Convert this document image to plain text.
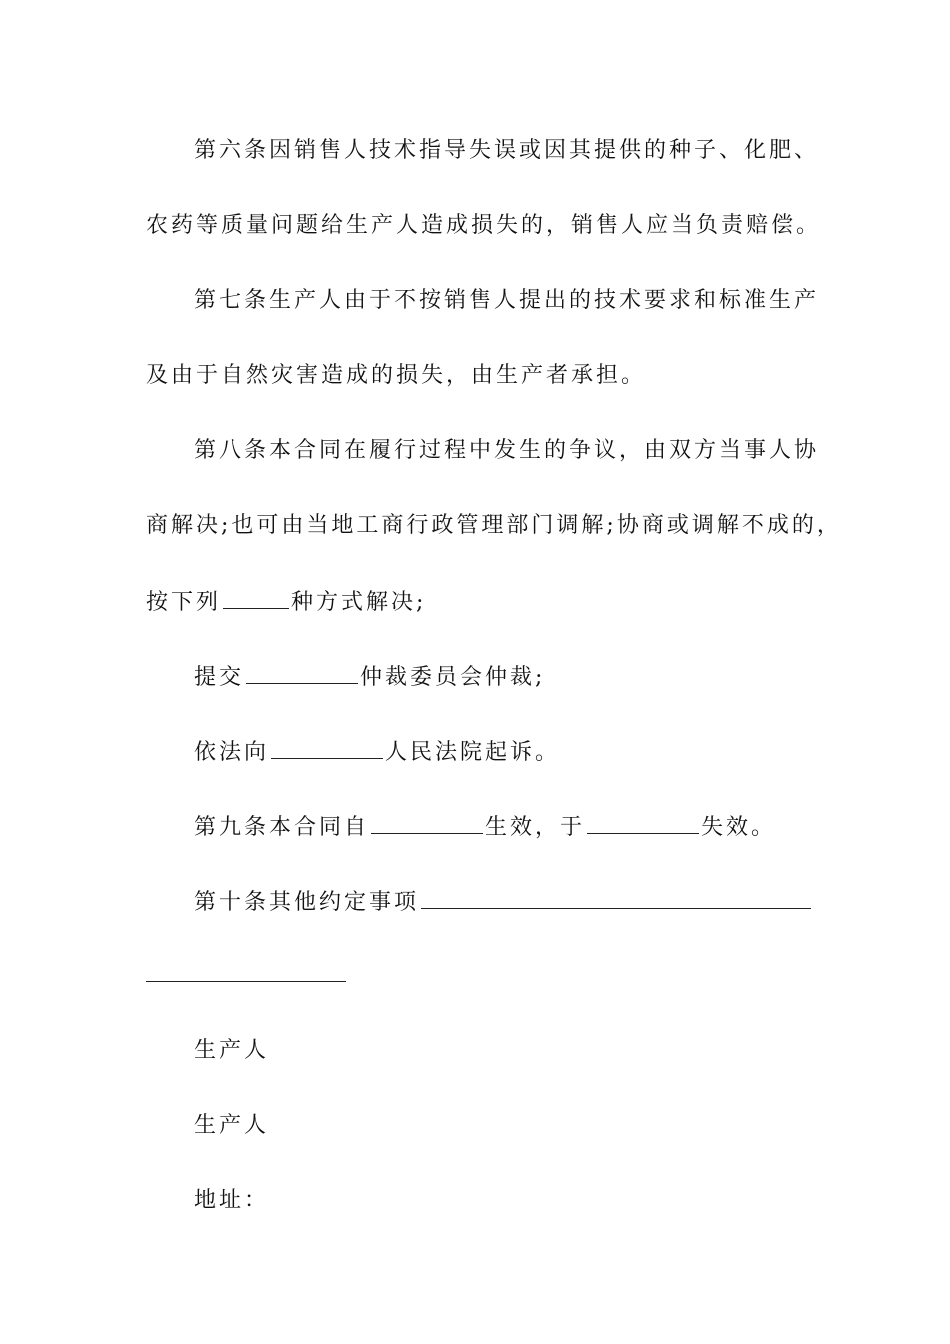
第六条因销售人技术指导失误或因其提供的种子、化肥、
农药等质量问题给生产人造成损失的，销售人应当负责赔偿。
第七条生产人由于不按销售人提出的技术要求和标准生产
及由于自然灾害造成的损失，由生产者承担。
第八条本合同在履行过程中发生的争议，由双方当事人协
商解决;也可由当地工商行政管理部门调解;协商或调解不成的，
按下列	种方式解决;
提交	仲裁委员会仲裁;
依法向	人民法院起诉。
第九条本合同自	生效，于	失效。
第十条其他约定事项
生产人
生产人
地址：
